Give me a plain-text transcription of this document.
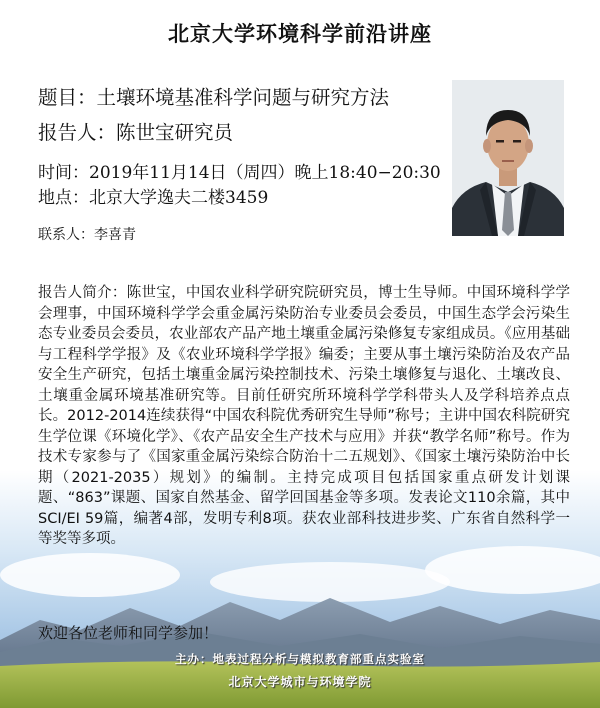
北京大学环境科学前沿讲座
题目：土壤环境基准科学问题与研究方法
报告人：陈世宝研究员
时间：2019年11月14日（周四）晚上18:40−20:30
地点：北京大学逸夫二楼3459
联系人：李喜青
报告人简介：陈世宝，中国农业科学研究院研究员，博士生导师。中国环境科学学会理事，中国环境科学学会重金属污染防治专业委员会委员，中国生态学会污染生态专业委员会委员，农业部农产品产地土壤重金属污染修复专家组成员。《应用基础与工程科学学报》及《农业环境科学学报》编委；主要从事土壤污染防治及农产品安全生产研究，包括土壤重金属污染控制技术、污染土壤修复与退化、土壤改良、土壤重金属环境基准研究等。目前任研究所环境科学学科带头人及学科培养点点长。2012-2014连续获得“中国农科院优秀研究生导师”称号；主讲中国农科院研究生学位课《环境化学》、《农产品安全生产技术与应用》并获“教学名师”称号。作为技术专家参与了《国家重金属污染综合防治十二五规划》、《国家土壤污染防治中长期（2021-2035）规划》的编制。主持完成项目包括国家重点研发计划课题、“863”课题、国家自然基金、留学回国基金等多项。发表论文110余篇，其中SCI/EI 59篇，编著4部，发明专利8项。获农业部科技进步奖、广东省自然科学一等奖等多项。
欢迎各位老师和同学参加！
主办：地表过程分析与模拟教育部重点实验室
北京大学城市与环境学院
